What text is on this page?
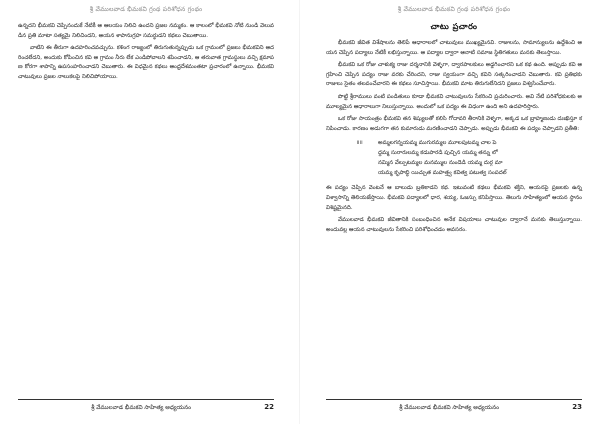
శ్రీ వేములవాడ భీమకవి గ్రంథ పరిశోధన గ్రంథం

ఉన్నదని భీమకవి చెప్పినందుకే నేటికీ ఆ ఆలయం నిలిచి ఉందని ప్రజల నమ్మకం. ఆ కాలంలో భీమకవి నోటి నుండి వెలువడిన ప్రతి మాటా సత్యమై నిలిచిందని, ఆయన శాపానుగ్రహ సమర్థుడని కథలు చెబుతాయి.

వాటిని ఈ తీరుగా ఉదహరించవచ్చును. కళింగ రాజ్యంలో తిరుగుతున్నప్పుడు ఒక గ్రామంలో ప్రజలు భీమకవిని ఆదరించలేదని, అందుకు కోపించిన కవి ఆ గ్రామం నీరు లేక ఎండిపోవాలని శపించాడని, ఆ తరువాత గ్రామస్థులు వచ్చి క్షమాపణ కోరగా శాపాన్ని ఉపసంహరించాడని చెబుతారు. ఈ విధమైన కథలు ఆంధ్రదేశమంతటా ప్రచారంలో ఉన్నాయి. భీమకవి చాటువులు ప్రజల నాలుకలపై నిలిచిపోయాయి.

శ్రీ వేములవాడ భీమకవి సాహిత్య అధ్యయనం	22
శ్రీ వేములవాడ భీమకవి గ్రంథ పరిశోధన గ్రంథం
చాటు ప్రచారం

భీమకవి జీవిత విశేషాలను తెలిపే ఆధారాలలో చాటువులు ముఖ్యమైనవి. రాజులను, సామాన్యులను ఉద్దేశించి ఆయన చెప్పిన పద్యాలు నేటికీ లభిస్తున్నాయి. ఆ పద్యాల ద్వారా ఆనాటి సమాజ స్థితిగతులు మనకు తెలుస్తాయి.

భీమకవి ఒక రోజు చాళుక్య రాజు దర్శనానికి వెళ్ళగా, ద్వారపాలకులు అడ్డగించారని ఒక కథ ఉంది. అప్పుడు కవి ఆగ్రహించి చెప్పిన పద్యం రాజు వరకు చేరిందని, రాజు స్వయంగా వచ్చి కవిని సత్కరించాడని చెబుతారు. కవి ప్రతిభకు రాజులు సైతం తలవంచేవారని ఈ కథలు సూచిస్తాయి. భీమకవి మాట తిరుగులేనిదని ప్రజలు విశ్వసించేవారు.

పొట్టి శ్రీరాములు వంటి పండితులు కూడా భీమకవి చాటువులను సేకరించి ప్రచురించారు. అవి నేటి పరిశోధకులకు అమూల్యమైన ఆధారాలుగా నిలుస్తున్నాయి. అందులో ఒక పద్యం ఈ విధంగా ఉంది అని ఉదహరిస్తారు.

ఒక రోజు సాయంత్రం భీమకవి తన శిష్యులతో కలిసి గోదావరి తీరానికి వెళ్ళగా, అక్కడ ఒక బ్రాహ్మణుడు దుఃఖిస్తూ కనిపించాడు. కారణం అడుగగా తన కుమారుడు మరణించాడని చెప్పాడు. అప్పుడు భీమకవి ఈ పద్యం చెప్పాడని ప్రతీతి:

॥॥	అమ్మలగన్నయమ్మ ముగురమ్మల మూలపుటమ్మ చాల పె
ద్దమ్మ సురారులమ్మ కడుపారడి పుచ్చిన యమ్మ తన్ను లో
నమ్మిన వేల్పుటమ్మల మనమ్ముల నుండెడి యమ్మ దుర్గ మా
యమ్మ కృపాబ్ధి యిచ్చుత మహత్త్వ కవిత్వ పటుత్వ సంపదల్

ఈ పద్యం చెప్పిన వెంటనే ఆ బాలుడు బ్రతికాడని కథ. ఇటువంటి కథలు భీమకవి శక్తిని, ఆయనపై ప్రజలకు ఉన్న విశ్వాసాన్ని తెలియజేస్తాయి. భీమకవి పద్యాలలో ధార, శయ్య, ఓజస్సు కనిపిస్తాయి. తెలుగు సాహిత్యంలో ఆయన స్థానం విశిష్టమైనది.

వేములవాడ భీమకవి జీవితానికి సంబంధించిన అనేక విషయాలు చాటువుల ద్వారానే మనకు తెలుస్తున్నాయి. అందువల్ల ఆయన చాటువులను సేకరించి పరిశోధించడం అవసరం.

శ్రీ వేములవాడ భీమకవి సాహిత్య అధ్యయనం	23
